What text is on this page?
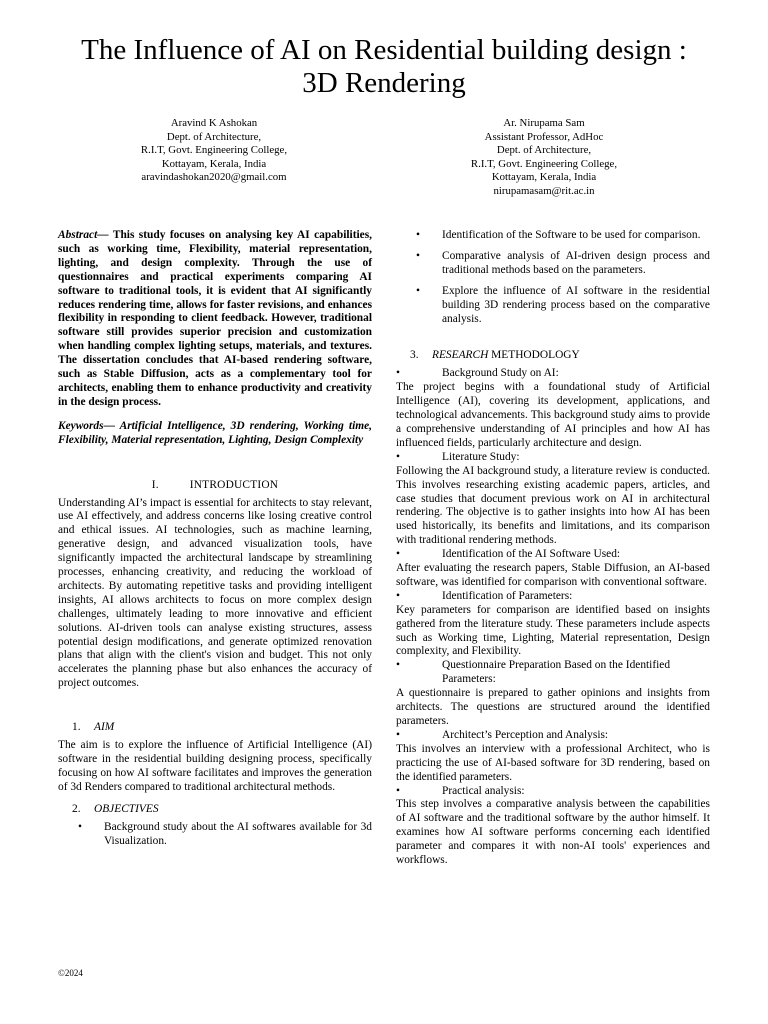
The Influence of AI on Residential building design :
3D Rendering
Aravind K Ashokan
Dept. of Architecture,
R.I.T, Govt. Engineering College,
Kottayam, Kerala, India
aravindashokan2020@gmail.com
Ar. Nirupama Sam
Assistant Professor, AdHoc
Dept. of Architecture,
R.I.T, Govt. Engineering College,
Kottayam, Kerala, India
nirupamasam@rit.ac.in

Abstract— This study focuses on analysing key AI capabilities, such as working time, Flexibility, material representation, lighting, and design complexity. Through the use of questionnaires and practical experiments comparing AI software to traditional tools, it is evident that AI significantly reduces rendering time, allows for faster revisions, and enhances flexibility in responding to client feedback. However, traditional software still provides superior precision and customization when handling complex lighting setups, materials, and textures. The dissertation concludes that AI-based rendering software, such as Stable Diffusion, acts as a complementary tool for architects, enabling them to enhance productivity and creativity in the design process.

Keywords— Artificial Intelligence, 3D rendering, Working time, Flexibility, Material representation, Lighting, Design Complexity

I.	INTRODUCTION

Understanding AI’s impact is essential for architects to stay relevant, use AI effectively, and address concerns like losing creative control and ethical issues. AI technologies, such as machine learning, generative design, and advanced visualization tools, have significantly impacted the architectural landscape by streamlining processes, enhancing creativity, and reducing the workload of architects. By automating repetitive tasks and providing intelligent insights, AI allows architects to focus on more complex design challenges, ultimately leading to more innovative and efficient solutions. AI-driven tools can analyse existing structures, assess potential design modifications, and generate optimized renovation plans that align with the client's vision and budget. This not only accelerates the planning phase but also enhances the accuracy of project outcomes.

1. AIM

The aim is to explore the influence of Artificial Intelligence (AI) software in the residential building designing process, specifically focusing on how AI software facilitates and improves the generation of 3d Renders compared to traditional architectural methods.

2. OBJECTIVES
• Background study about the AI softwares available for 3d Visualization.
• Identification of the Software to be used for comparison.
• Comparative analysis of AI-driven design process and traditional methods based on the parameters.
• Explore the influence of AI software in the residential building 3D rendering process based on the comparative analysis.
3. RESEARCH METHODOLOGY
•	Background Study on AI:

The project begins with a foundational study of Artificial Intelligence (AI), covering its development, applications, and technological advancements. This background study aims to provide a comprehensive understanding of AI principles and how AI has influenced fields, particularly architecture and design.

•	Literature Study:

Following the AI background study, a literature review is conducted. This involves researching existing academic papers, articles, and case studies that document previous work on AI in architectural rendering. The objective is to gather insights into how AI has been used historically, its benefits and limitations, and its comparison with traditional rendering methods.

•	Identification of the AI Software Used:

After evaluating the research papers, Stable Diffusion, an AI-based software, was identified for comparison with conventional software.

•	Identification of Parameters:

Key parameters for comparison are identified based on insights gathered from the literature study. These parameters include aspects such as Working time, Lighting, Material representation, Design complexity, and Flexibility.

•	Questionnaire Preparation Based on the Identified Parameters:

A questionnaire is prepared to gather opinions and insights from architects. The questions are structured around the identified parameters.

•	Architect’s Perception and Analysis:

This involves an interview with a professional Architect, who is practicing the use of AI-based software for 3D rendering, based on the identified parameters.

•	Practical analysis:

This step involves a comparative analysis between the capabilities of AI software and the traditional software by the author himself. It examines how AI software performs concerning each identified parameter and compares it with non-AI tools' experiences and workflows.

©2024
